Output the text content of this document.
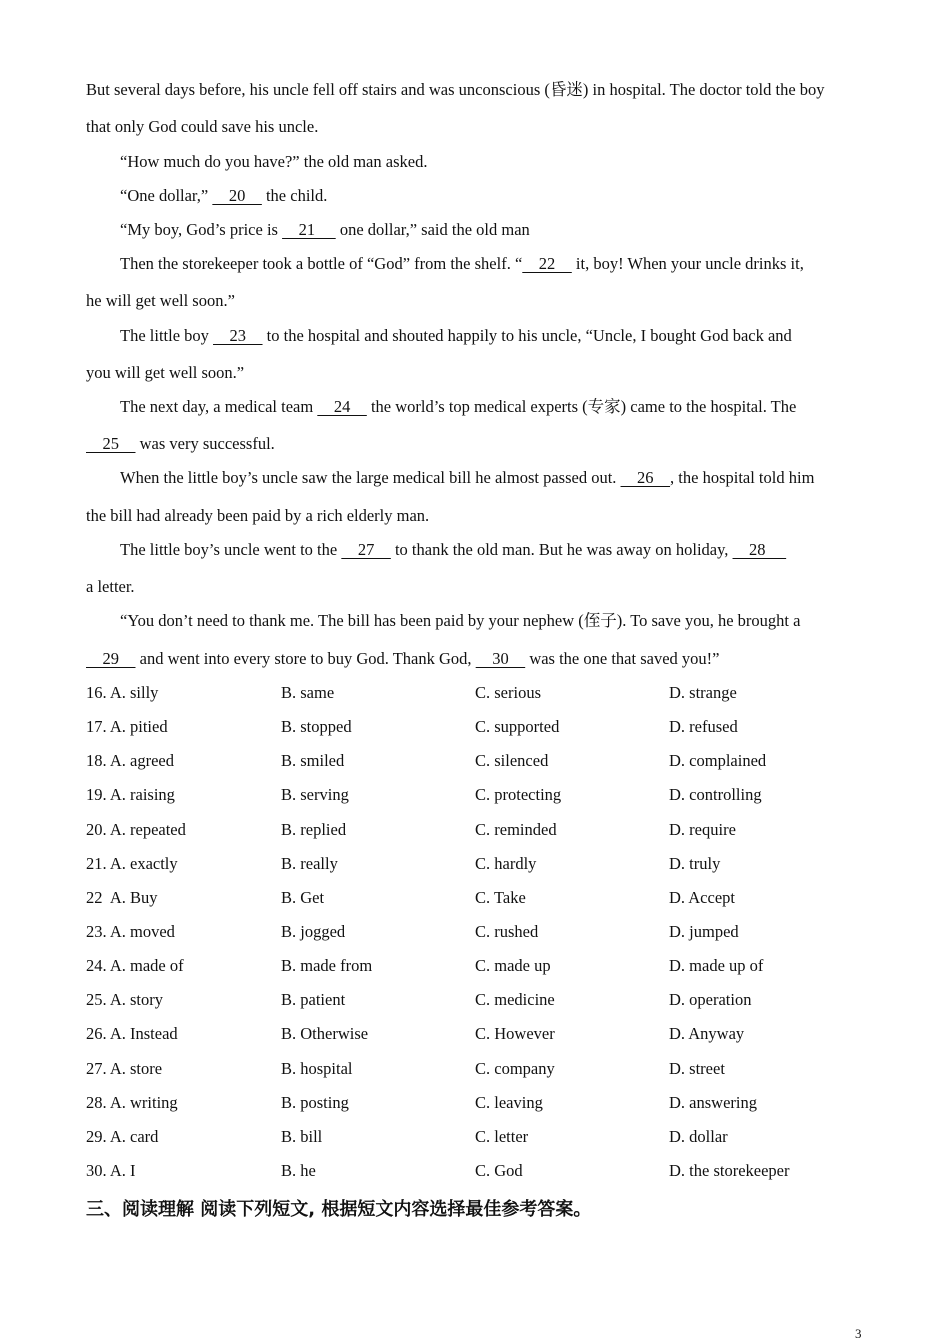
But several days before, his uncle fell off stairs and was unconscious (昏迷) in hospital. The doctor told the boy
that only God could save his uncle.
“How much do you have?” the old man asked.
“One dollar,”     20     the child.
“My boy, God’s price is     21      one dollar,” said the old man
Then the storekeeper took a bottle of “God” from the shelf. “    22     it, boy! When your uncle drinks it,
he will get well soon.”
The little boy     23     to the hospital and shouted happily to his uncle, “Uncle, I bought God back and
you will get well soon.”
The next day, a medical team     24     the world’s top medical experts (专家) came to the hospital. The
25     was very successful.
When the little boy’s uncle saw the large medical bill he almost passed out.     26    , the hospital told him
the bill had already been paid by a rich elderly man.
The little boy’s uncle went to the     27     to thank the old man. But he was away on holiday,     28
a letter.
“You don’t need to thank me. The bill has been paid by your nephew (侄子). To save you, he brought a
29     and went into every store to buy God. Thank God,     30     was the one that saved you!”
16. A. silly	B. same	C. serious	D. strange
17. A. pitied	B. stopped	C. supported	D. refused
18. A. agreed	B. smiled	C. silenced	D. complained
19. A. raising	B. serving	C. protecting	D. controlling
20. A. repeated	B. replied	C. reminded	D. require
21. A. exactly	B. really	C. hardly	D. truly
22  A. Buy	B. Get	C. Take	D. Accept
23. A. moved	B. jogged	C. rushed	D. jumped
24. A. made of	B. made from	C. made up	D. made up of
25. A. story	B. patient	C. medicine	D. operation
26. A. Instead	B. Otherwise	C. However	D. Anyway
27. A. store	B. hospital	C. company	D. street
28. A. writing	B. posting	C. leaving	D. answering
29. A. card	B. bill	C. letter	D. dollar
30. A. I	B. he	C. God	D. the storekeeper
三、阅读理解 阅读下列短文, 根据短文内容选择最佳参考答案。
3
